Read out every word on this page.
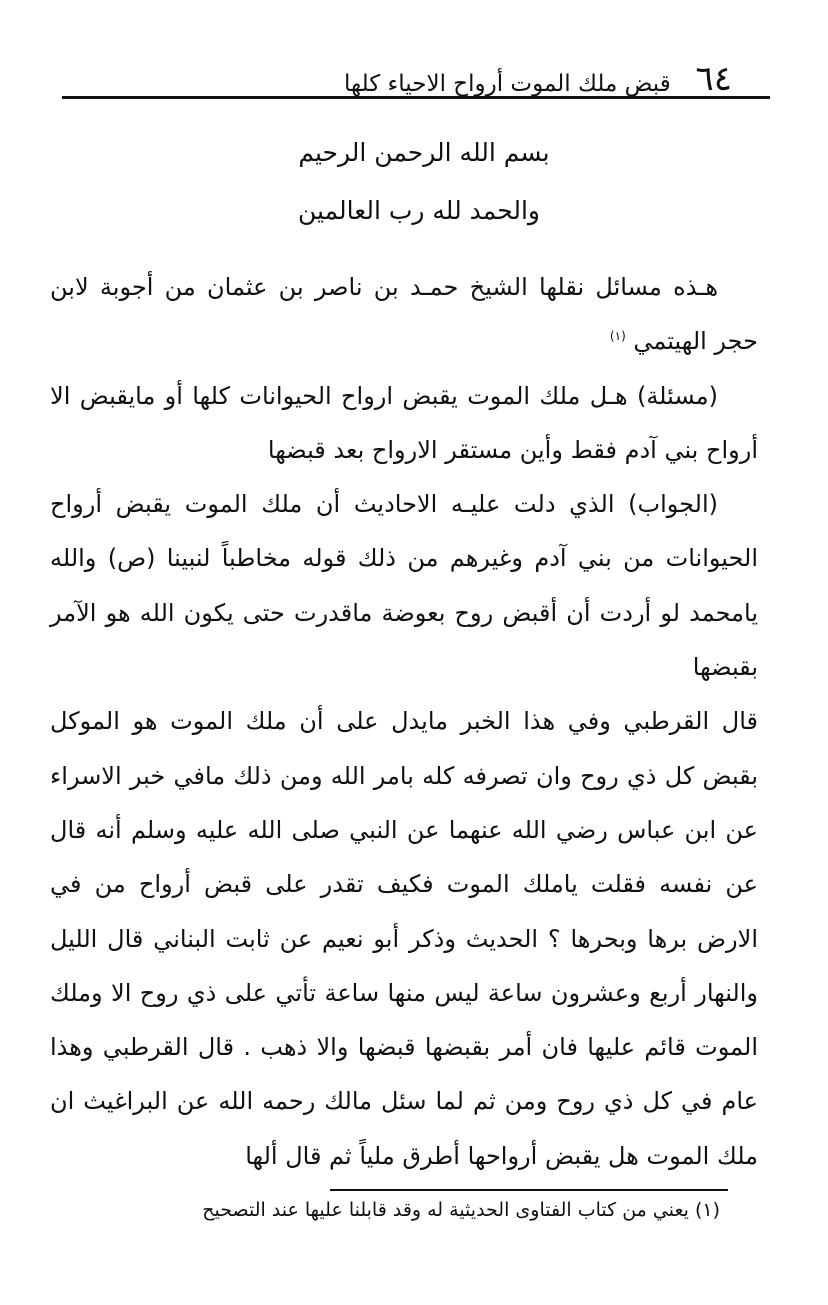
٦٤
قبض ملك الموت أرواح الاحياء كلها
بسم الله الرحمن الرحيم
والحمد لله رب العالمين

هـذه مسائل نقلها الشيخ حمـد بن ناصر بن عثمان من أجوبة لابن حجر الهيتمي $^{(١)}$

(مسئلة) هـل ملك الموت يقبض ارواح الحيوانات كلها أو مايقبض الا أرواح بني آدم فقط وأين مستقر الارواح بعد قبضها

(الجواب) الذي دلت عليـه الاحاديث أن ملك الموت يقبض أرواح الحيوانات من بني آدم وغيرهم من ذلك قوله مخاطباً لنبينا (ص) والله يامحمد لو أردت أن أقبض روح بعوضة ماقدرت حتى يكون الله هو الآمر بقبضها

قال القرطبي وفي هذا الخبر مايدل على أن ملك الموت هو الموكل بقبض كل ذي روح وان تصرفه كله بامر الله ومن ذلك مافي خبر الاسراء عن ابن عباس رضي الله عنهما عن النبي صلى الله عليه وسلم أنه قال عن نفسه فقلت ياملك الموت فكيف تقدر على قبض أرواح من في الارض برها وبحرها ؟ الحديث وذكر أبو نعيم عن ثابت البناني قال الليل والنهار أربع وعشرون ساعة ليس منها ساعة تأتي على ذي روح الا وملك الموت قائم عليها فان أمر بقبضها قبضها والا ذهب . قال القرطبي وهذا عام في كل ذي روح ومن ثم لما سئل مالك رحمه الله عن البراغيث ان ملك الموت هل يقبض أرواحها أطرق ملياً ثم قال ألها

(١) يعني من كتاب الفتاوى الحديثية له وقد قابلنا عليها عند التصحيح
